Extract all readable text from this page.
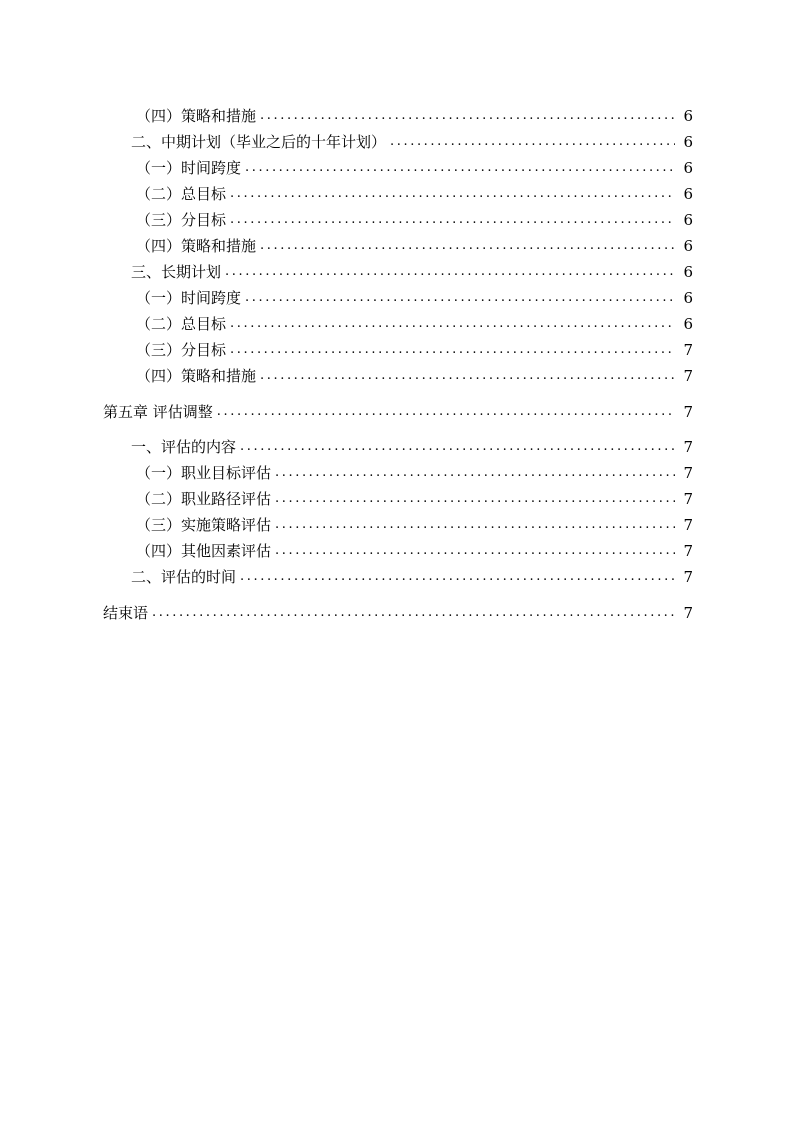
（四）策略和措施 .....	6
二、中期计划（毕业之后的十年计划） .....	6
（一）时间跨度 .....	6
（二）总目标 .....	6
（三）分目标 .....	6
（四）策略和措施 .....	6
三、长期计划 .....	6
（一）时间跨度 .....	6
（二）总目标 .....	6
（三）分目标 .....	7
（四）策略和措施 .....	7
第五章 评估调整 .....	7
一、评估的内容 .....	7
（一）职业目标评估 .....	7
（二）职业路径评估 .....	7
（三）实施策略评估 .....	7
（四）其他因素评估 .....	7
二、评估的时间 .....	7
结束语 .....	7
